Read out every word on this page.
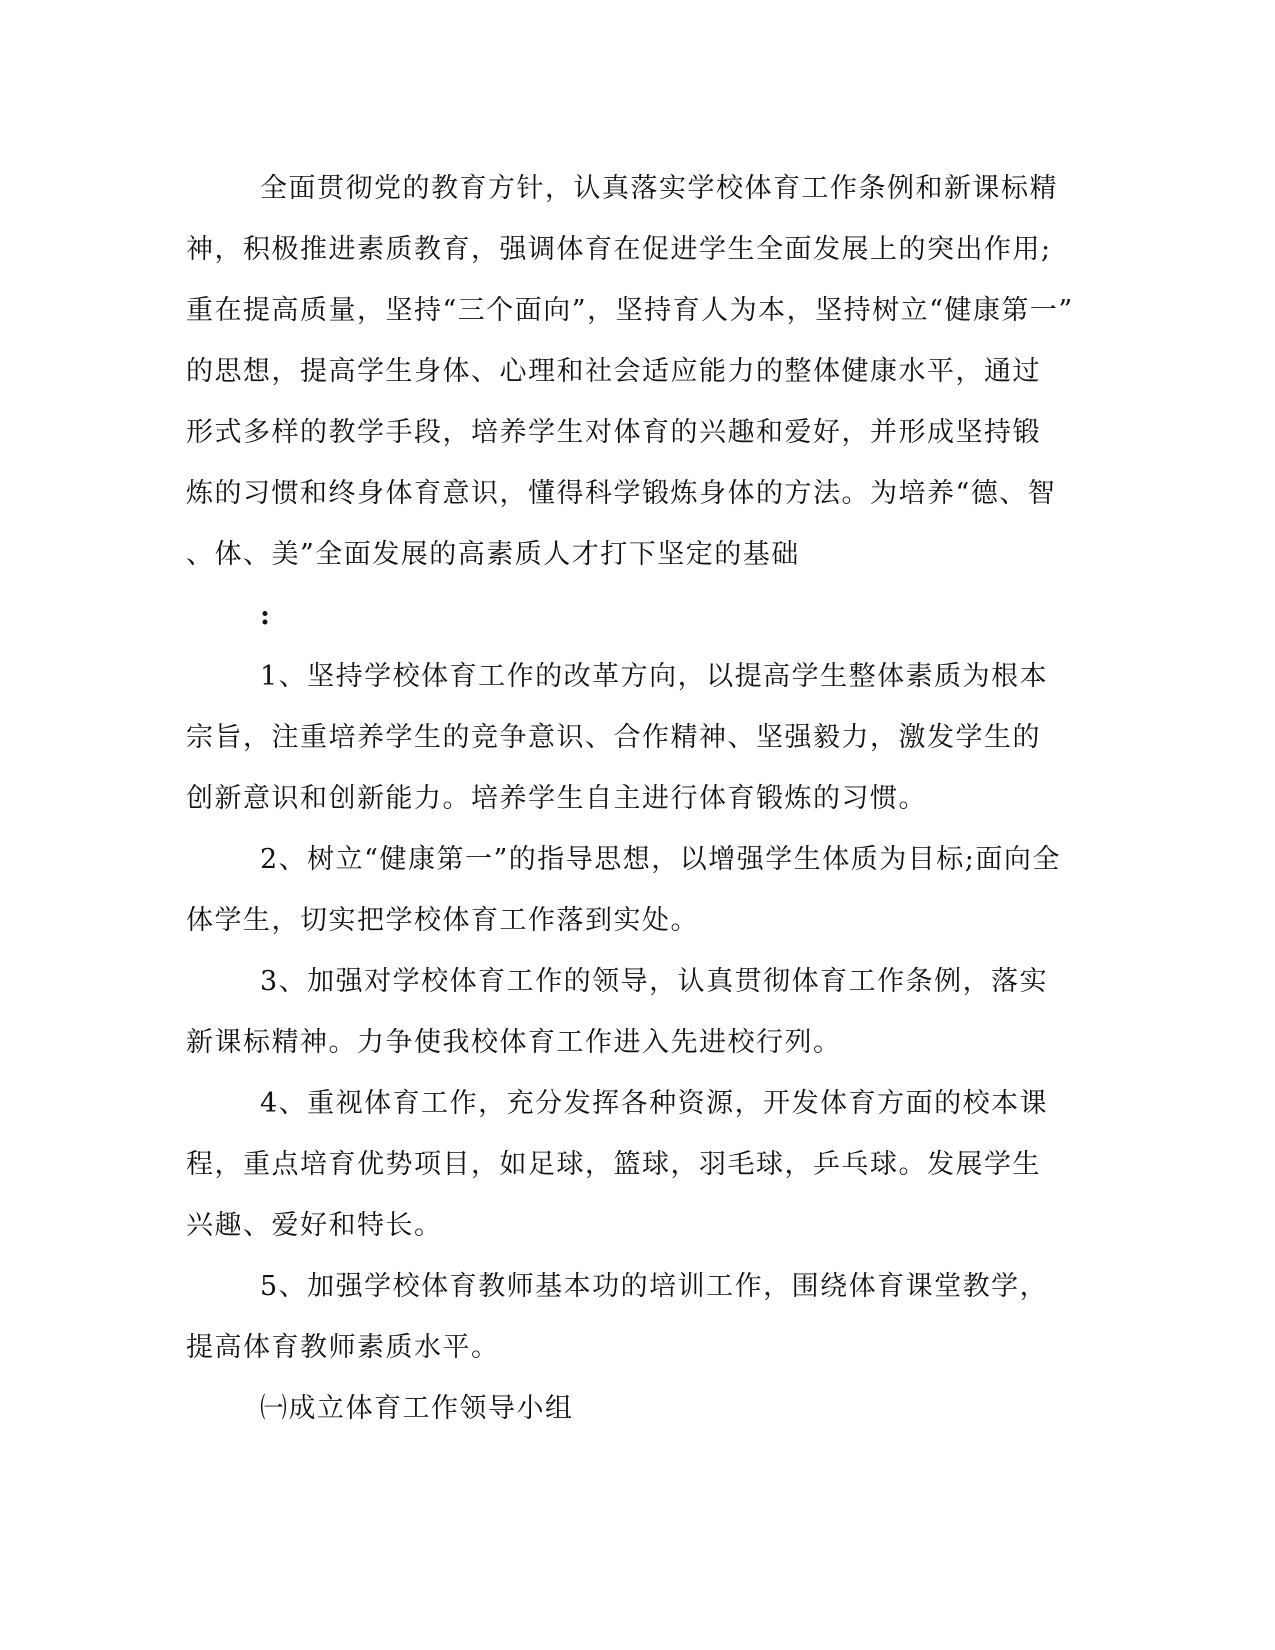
全面贯彻党的教育方针，认真落实学校体育工作条例和新课标精
神，积极推进素质教育，强调体育在促进学生全面发展上的突出作用;
重在提高质量，坚持“三个面向”，坚持育人为本，坚持树立“健康第一”
的思想，提高学生身体、心理和社会适应能力的整体健康水平，通过
形式多样的教学手段，培养学生对体育的兴趣和爱好，并形成坚持锻
炼的习惯和终身体育意识，懂得科学锻炼身体的方法。为培养“德、智
、体、美”全面发展的高素质人才打下坚定的基础
:
1、坚持学校体育工作的改革方向，以提高学生整体素质为根本
宗旨，注重培养学生的竞争意识、合作精神、坚强毅力，激发学生的
创新意识和创新能力。培养学生自主进行体育锻炼的习惯。
2、树立“健康第一”的指导思想，以增强学生体质为目标;面向全
体学生，切实把学校体育工作落到实处。
3、加强对学校体育工作的领导，认真贯彻体育工作条例，落实
新课标精神。力争使我校体育工作进入先进校行列。
4、重视体育工作，充分发挥各种资源，开发体育方面的校本课
程，重点培育优势项目，如足球，篮球，羽毛球，乒乓球。发展学生
兴趣、爱好和特长。
5、加强学校体育教师基本功的培训工作，围绕体育课堂教学，
提高体育教师素质水平。
㈠成立体育工作领导小组
